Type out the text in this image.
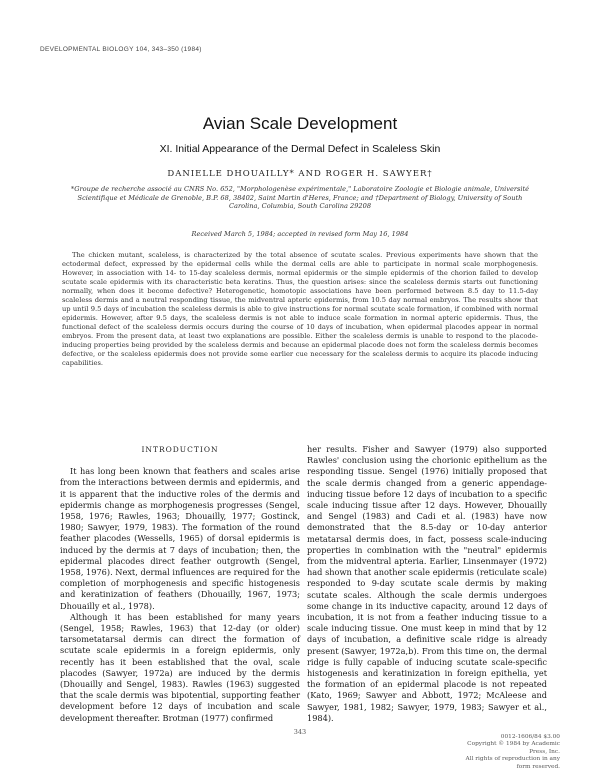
DEVELOPMENTAL BIOLOGY 104, 343–350 (1984)
Avian Scale Development
XI. Initial Appearance of the Dermal Defect in Scaleless Skin
DANIELLE DHOUAILLY* AND ROGER H. SAWYER†
*Groupe de recherche associé au CNRS No. 652, "Morphologenèse expérimentale," Laboratoire Zoologie et Biologie animale, Université Scientifique et Médicale de Grenoble, B.P. 68, 38402, Saint Martin d'Heres, France; and †Department of Biology, University of South Carolina, Columbia, South Carolina 29208
Received March 5, 1984; accepted in revised form May 16, 1984
The chicken mutant, scaleless, is characterized by the total absence of scutate scales. Previous experiments have shown that the ectodermal defect, expressed by the epidermal cells while the dermal cells are able to participate in normal scale morphogenesis. However, in association with 14- to 15-day scaleless dermis, normal epidermis or the simple epidermis of the chorion failed to develop scutate scale epidermis with its characteristic beta keratins. Thus, the question arises: since the scaleless dermis starts out functioning normally, when does it become defective? Heterogenetic, homotopic associations have been performed between 8.5 day to 11.5-day scaleless dermis and a neutral responding tissue, the midventral apteric epidermis, from 10.5 day normal embryos. The results show that up until 9.5 days of incubation the scaleless dermis is able to give instructions for normal scutate scale formation, if combined with normal epidermis. However, after 9.5 days, the scaleless dermis is not able to induce scale formation in normal apteric epidermis. Thus, the functional defect of the scaleless dermis occurs during the course of 10 days of incubation, when epidermal placodes appear in normal embryos. From the present data, at least two explanations are possible. Either the scaleless dermis is unable to respond to the placode-inducing properties being provided by the scaleless dermis and because an epidermal placode does not form the scaleless dermis becomes defective, or the scaleless epidermis does not provide some earlier cue necessary for the scaleless dermis to acquire its placode inducing capabilities.
INTRODUCTION

It has long been known that feathers and scales arise from the interactions between dermis and epidermis, and it is apparent that the inductive roles of the dermis and epidermis change as morphogenesis progresses (Sengel, 1958, 1976; Rawles, 1963; Dhouailly, 1977; Gostinck, 1980; Sawyer, 1979, 1983). The formation of the round feather placodes (Wessells, 1965) of dorsal epidermis is induced by the dermis at 7 days of incubation; then, the epidermal placodes direct feather outgrowth (Sengel, 1958, 1976). Next, dermal influences are required for the completion of morphogenesis and specific histogenesis and keratinization of feathers (Dhouailly, 1967, 1973; Dhouailly et al., 1978).

Although it has been established for many years (Sengel, 1958; Rawles, 1963) that 12-day (or older) tarsometatarsal dermis can direct the formation of scutate scale epidermis in a foreign epidermis, only recently has it been established that the oval, scale placodes (Sawyer, 1972a) are induced by the dermis (Dhouailly and Sengel, 1983). Rawles (1963) suggested that the scale dermis was bipotential, supporting feather development before 12 days of incubation and scale development thereafter. Brotman (1977) confirmed

her results. Fisher and Sawyer (1979) also supported Rawles' conclusion using the chorionic epithelium as the responding tissue. Sengel (1976) initially proposed that the scale dermis changed from a generic appendage-inducing tissue before 12 days of incubation to a specific scale inducing tissue after 12 days. However, Dhouailly and Sengel (1983) and Cadi et al. (1983) have now demonstrated that the 8.5-day or 10-day anterior metatarsal dermis does, in fact, possess scale-inducing properties in combination with the "neutral" epidermis from the midventral apteria. Earlier, Linsenmayer (1972) had shown that another scale epidermis (reticulate scale) responded to 9-day scutate scale dermis by making scutate scales. Although the scale dermis undergoes some change in its inductive capacity, around 12 days of incubation, it is not from a feather inducing tissue to a scale inducing tissue. One must keep in mind that by 12 days of incubation, a definitive scale ridge is already present (Sawyer, 1972a,b). From this time on, the dermal ridge is fully capable of inducing scutate scale-specific histogenesis and keratinization in foreign epithelia, yet the formation of an epidermal placode is not repeated (Kato, 1969; Sawyer and Abbott, 1972; McAleese and Sawyer, 1981, 1982; Sawyer, 1979, 1983; Sawyer et al., 1984).

343
0012-1606/84 $3.00
Copyright © 1984 by Academic Press, Inc.
All rights of reproduction in any form reserved.
